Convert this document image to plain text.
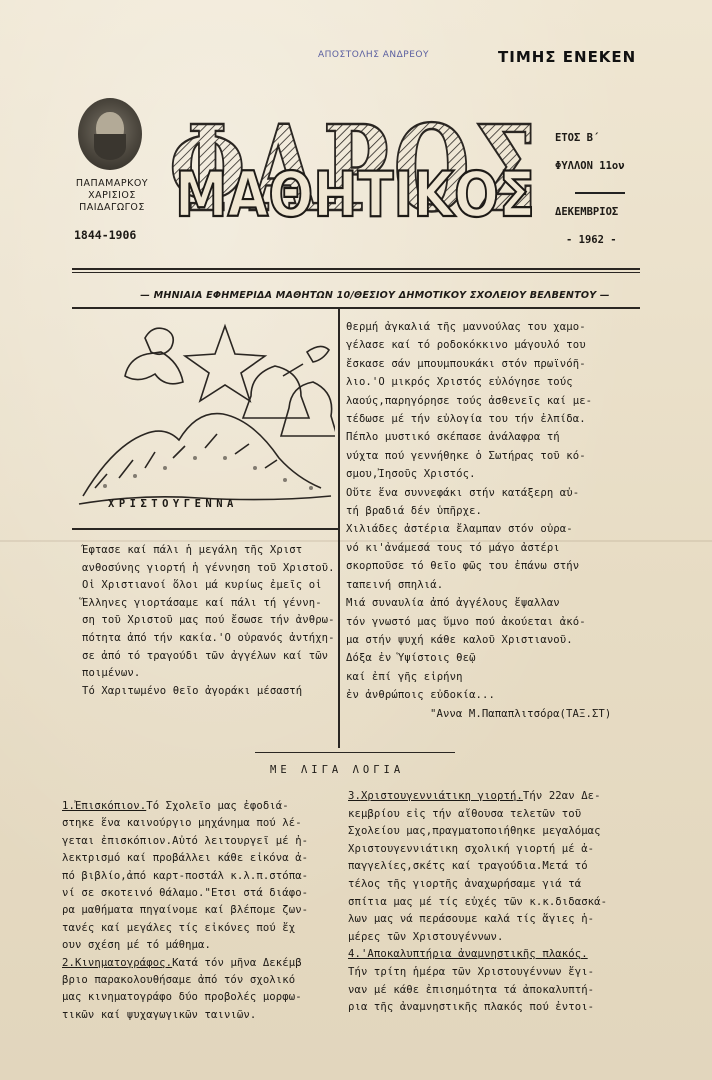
ΑΠΟΣΤΟΛΗΣ ΑΝΔΡΕΟΥ	ΤΙΜΗΣ ΕΝΕΚΕΝ
ΠΑΠΑΜΑΡΚΟΥ
ΧΑΡΙΣΙΟΣ
ΠΑΙΔΑΓΩΓΟΣ
1844-1906 ΦΑΡΟΣ
ΜΑΘΗΤΙΚΟΣ
ΕΤΟΣ Β΄
ΦΥΛΛΟΝ 11ον
ΔΕΚΕΜΒΡΙΟΣ
- 1962 -
— ΜΗΝΙΑΙΑ ΕΦΗΜΕΡΙΔΑ ΜΑΘΗΤΩΝ 10/ΘΕΣΙΟΥ ΔΗΜΟΤΙΚΟΥ ΣΧΟΛΕΙΟΥ ΒΕΛΒΕΝΤΟΥ —
ΧΡΙΣΤΟΥΓΕΝΝΑ

Έφτασε καί πάλι ἡ μεγάλη τῆς Χριστ

ανθοσύνης γιορτή ἡ γέννηση τοῦ Χριστοῦ.

Οἱ Χριστιανοί ὅλοι μά κυρίως ἐμεῖς οἱ

Ἕλληνες γιορτάσαμε καί πάλι τή γέννη-

ση τοῦ Χριστοῦ μας πού ἔσωσε τήν ἀνθρω-

πότητα ἀπό τήν κακία.'Ο οὐρανός ἀντήχη-

σε ἀπό τό τραγούδι τῶν ἀγγέλων καί τῶν

ποιμένων.

Τό Χαριτωμένο θεῖο ἀγοράκι μέσαστή

θερμή ἀγκαλιά τῆς μαννούλας του χαμο-

γέλασε καί τό ροδοκόκκινο μάγουλό του

ἔσκασε σάν μπουμπουκάκι στόν πρωϊνόῆ-

λιο.'Ο μικρός Χριστός εὐλόγησε τούς

λαούς,παρηγόρησε τούς ἀσθενεῖς καί με-

τέδωσε μέ τήν εὐλογία του τήν ἐλπίδα.

Πέπλο μυστικό σκέπασε ἀνάλαφρα τή

νύχτα πού γεννήθηκε ὁ Σωτήρας τοῦ κό-

σμου,Ἰησοῦς Χριστός.

Οὔτε ἕνα συννεφάκι στήν κατάξερη αὐ-

τή βραδιά δέν ὑπῆρχε.

Χιλιάδες ἀστέρια ἔλαμπαν στόν οὐρα-

νό κι'ἀνάμεσά τους τό μάγο ἀστέρι

σκορποῦσε τό θεῖο φῶς του ἐπάνω στήν

ταπεινή σπηλιά.

Μιά συναυλία ἀπό ἀγγέλους ἔψαλλαν

τόν γνωστό μας ὕμνο πού ἀκούεται ἀκό-

μα στήν ψυχή κάθε καλοῦ Χριστιανοῦ.

Δόξα ἐν Ὑψίστοις θεῷ

καί ἐπί γῆς εἰρήνη

ἐν ἀνθρώποις εὐδοκία...

"Αννα Μ.Παπαπλιτσόρα(ΤΑΞ.ΣΤ)
ΜΕ ΛΙΓΑ ΛΟΓΙΑ

1.Ἐπισκόπιον.Τό Σχολεῖο μας ἐφοδιά-

στηκε ἕνα καινούργιο μηχάνημα πού λέ-

γεται ἐπισκόπιον.Αὐτό λειτουργεῖ μέ ἠ-

λεκτρισμό καί προβάλλει κάθε εἰκόνα ἀ-

πό βιβλίο,ἀπό καρτ-ποστάλ κ.λ.π.στόπα-

νί σε σκοτεινό θάλαμο."Ετσι στά διάφο-

ρα μαθήματα πηγαίνομε καί βλέπομε ζων-

τανές καί μεγάλες τίς εἰκόνες πού ἔχ

ουν σχέση μέ τό μάθημα.

2.Κινηματογράφος.Κατά τόν μῆνα Δεκέμβ

βριο παρακολουθήσαμε ἀπό τόν σχολικό

μας κινηματογράφο δύο προβολές μορφω-

τικῶν καί ψυχαγωγικῶν ταινιῶν.

3.Χριστουγεννιάτικη γιορτή.Τήν 22αν Δε-

κεμβρίου εἰς τήν αἴθουσα τελετῶν τοῦ

Σχολείου μας,πραγματοποιήθηκε μεγαλόμας

Χριστουγεννιάτικη σχολική γιορτή μέ ἀ-

παγγελίες,σκέτς καί τραγούδια.Μετά τό

τέλος τῆς γιορτῆς ἀναχωρήσαμε γιά τά

σπίτια μας μέ τίς εὐχές τῶν κ.κ.διδασκά-

λων μας νά περάσουμε καλά τίς ἅγιες ἡ-

μέρες τῶν Χριστουγέννων.

4.'Αποκαλυπτήρια ἀναμνηστικῆς πλακός.

Τήν τρίτη ἡμέρα τῶν Χριστουγέννων ἔγι-

ναν μέ κάθε ἐπισημότητα τά ἀποκαλυπτή-

ρια τῆς ἀναμνηστικῆς πλακός πού ἐντοι-
